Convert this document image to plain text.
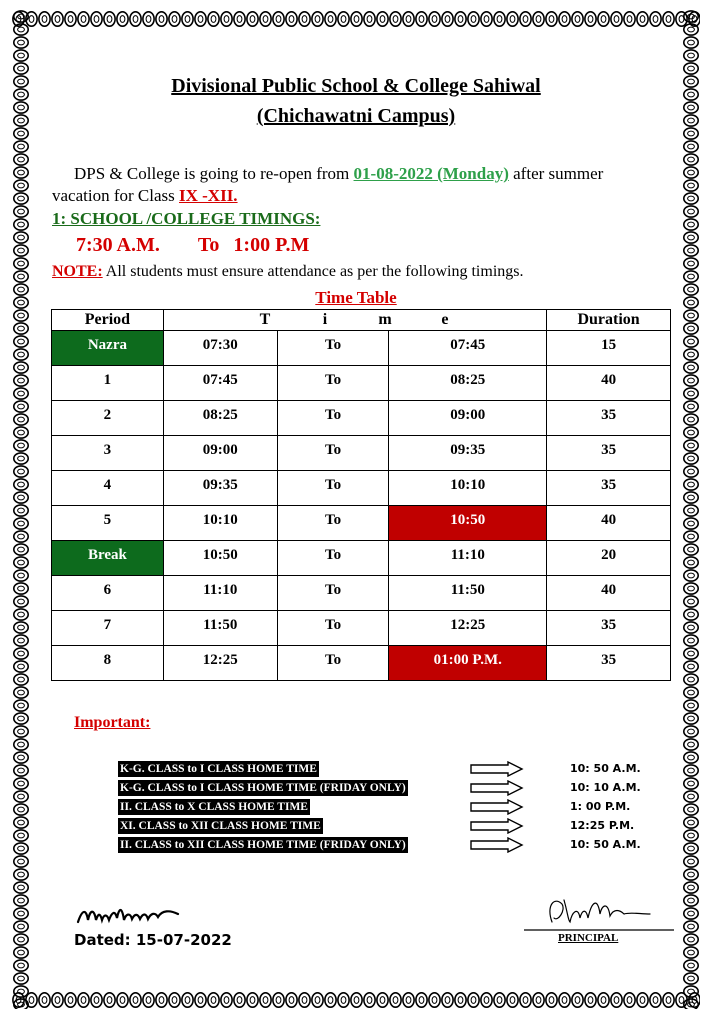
Divisional Public School & College Sahiwal
(Chichawatni Campus)
DPS & College is going to re-open from 01-08-2022 (Monday) after summer vacation for Class IX -XII.
1: SCHOOL /COLLEGE TIMINGS:
7:30 A.M. To 1:00 P.M
NOTE: All students must ensure attendance as per the following timings.
Time Table
Period	T i m e			Duration
Nazra	07:30	To	07:45	15
1	07:45	To	08:25	40
2	08:25	To	09:00	35
3	09:00	To	09:35	35
4	09:35	To	10:10	35
5	10:10	To	10:50	40
Break	10:50	To	11:10	20
6	11:10	To	11:50	40
7	11:50	To	12:25	35
8	12:25	To	01:00 P.M.	35
Important:
K-G. CLASS to I CLASS HOME TIME	10: 50 A.M.
K-G. CLASS to I CLASS HOME TIME (FRIDAY ONLY)	10: 10 A.M.
II. CLASS to X CLASS HOME TIME	1: 00 P.M.
XI. CLASS to XII CLASS HOME TIME	12:25 P.M.
II. CLASS to XII CLASS HOME TIME (FRIDAY ONLY)	10: 50 A.M.
Dated: 15-07-2022	PRINCIPAL
